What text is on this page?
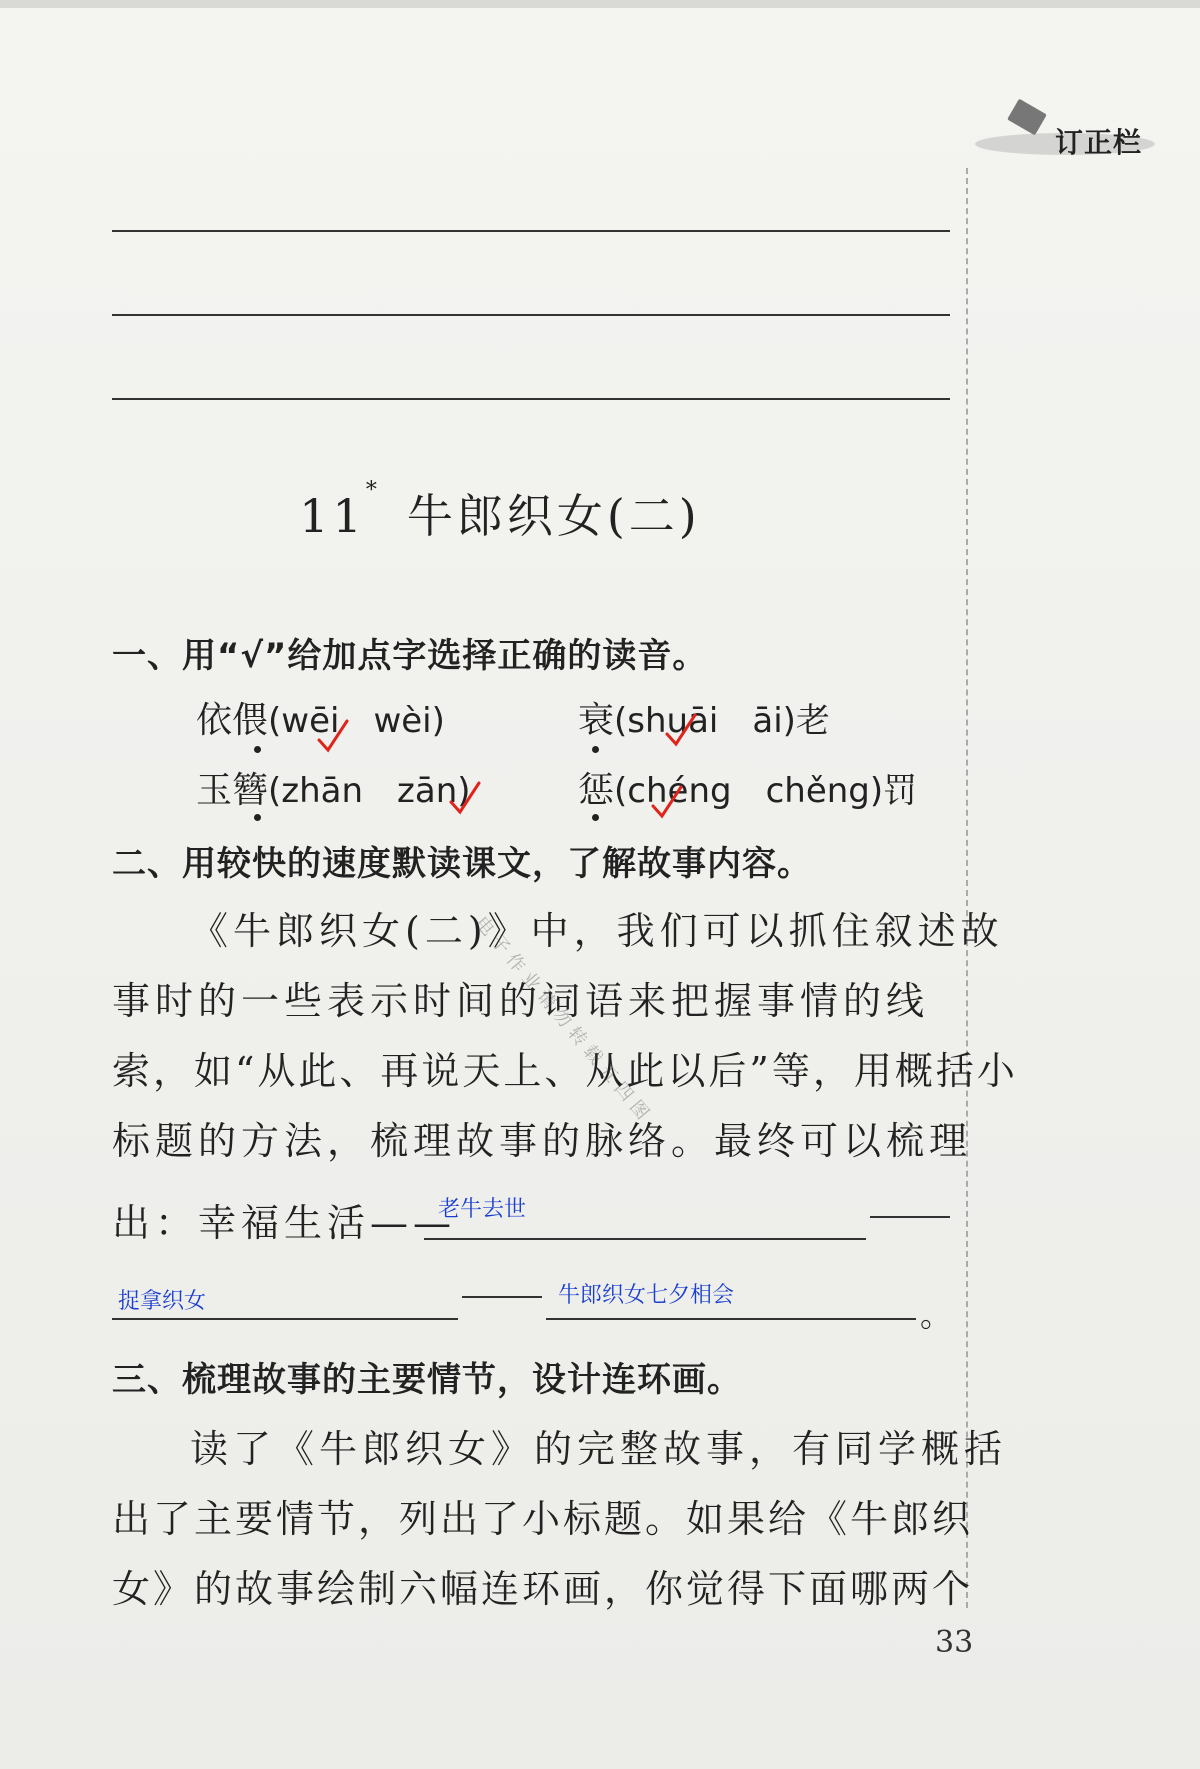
订正栏
11* 牛郎织女(二)
一、用“√”给加点字选择正确的读音。
依偎(wēi　wèi)	衰(shuāi　āi)老
玉簪(zhān　zān)	惩(chéng　chěng)罚
二、用较快的速度默读课文，了解故事内容。
《牛郎织女(二)》中，我们可以抓住叙述故
事时的一些表示时间的词语来把握事情的线
索，如“从此、再说天上、从此以后”等，用概括小
标题的方法，梳理故事的脉络。最终可以梳理
出：幸福生活——
老牛去世
捉拿织女	牛郎织女七夕相会
。
三、梳理故事的主要情节，设计连环画。
读了《牛郎织女》的完整故事，有同学概括
出了主要情节，列出了小标题。如果给《牛郎织
女》的故事绘制六幅连环画，你觉得下面哪两个
电子作业请勿转载五四图
33
